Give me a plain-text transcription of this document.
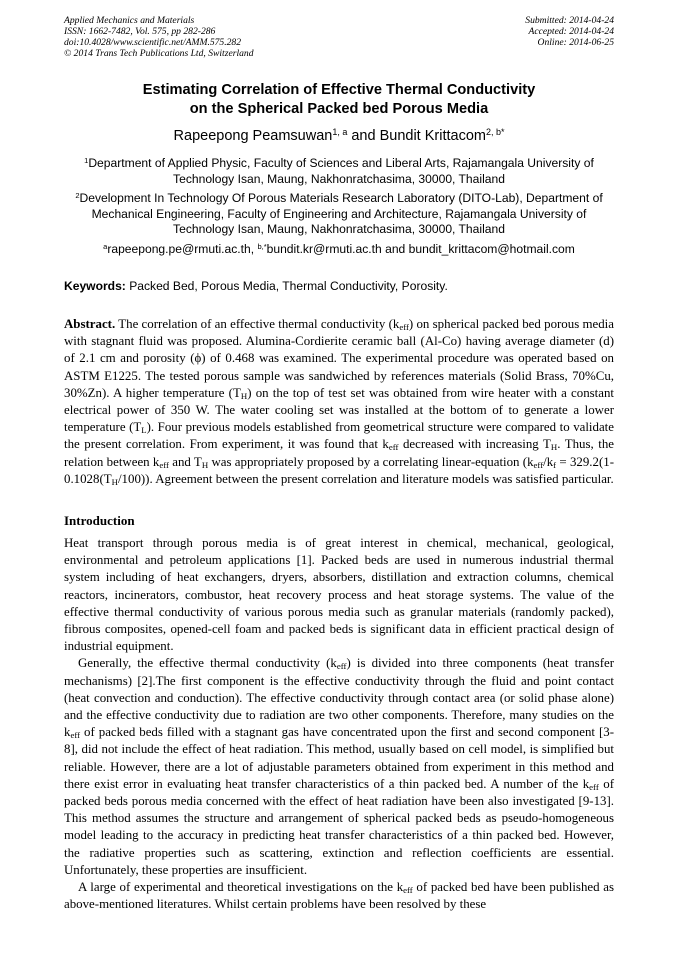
Applied Mechanics and Materials
ISSN: 1662-7482, Vol. 575, pp 282-286
doi:10.4028/www.scientific.net/AMM.575.282
© 2014 Trans Tech Publications Ltd, Switzerland
Submitted: 2014-04-24
Accepted: 2014-04-24
Online: 2014-06-25
Estimating Correlation of Effective Thermal Conductivity
on the Spherical Packed bed Porous Media
Rapeepong Peamsuwan$^{1, a}$ and Bundit Krittacom$^{2, b*}$
$^1$Department of Applied Physic, Faculty of Sciences and Liberal Arts, Rajamangala University of Technology Isan, Maung, Nakhonratchasima, 30000, Thailand
$^2$Development In Technology Of Porous Materials Research Laboratory (DITO-Lab), Department of Mechanical Engineering, Faculty of Engineering and Architecture, Rajamangala University of Technology Isan, Maung, Nakhonratchasima, 30000, Thailand
$^a$rapeepong.pe@rmuti.ac.th, $^{b,*}$bundit.kr@rmuti.ac.th and bundit_krittacom@hotmail.com
Keywords: Packed Bed, Porous Media, Thermal Conductivity, Porosity.
Abstract. The correlation of an effective thermal conductivity $(k_{eff})$ on spherical packed bed porous media with stagnant fluid was proposed. Alumina-Cordierite ceramic ball (Al-Co) having average diameter (d) of 2.1 cm and porosity (ϕ) of 0.468 was examined. The experimental procedure was operated based on ASTM E1225. The tested porous sample was sandwiched by references materials (Solid Brass, 70%Cu, 30%Zn). A higher temperature $(T_H)$ on the top of test set was obtained from wire heater with a constant electrical power of 350 W. The water cooling set was installed at the bottom of to generate a lower temperature $(T_L)$. Four previous models established from geometrical structure were compared to validate the present correlation. From experiment, it was found that $k_{eff}$ decreased with increasing $T_H$. Thus, the relation between $k_{eff}$ and $T_H$ was appropriately proposed by a correlating linear-equation ($k_{eff}/k_f = 329.2(1-0.1028(T_H/100))$. Agreement between the present correlation and literature models was satisfied particular.
Introduction

Heat transport through porous media is of great interest in chemical, mechanical, geological, environmental and petroleum applications [1]. Packed beds are used in numerous industrial thermal system including of heat exchangers, dryers, absorbers, distillation and extraction columns, chemical reactors, incinerators, combustor, heat recovery process and heat storage systems. The value of the effective thermal conductivity of various porous media such as granular materials (randomly packed), fibrous composites, opened-cell foam and packed beds is significant data in efficient practical design of industrial equipment.

Generally, the effective thermal conductivity $(k_{eff})$ is divided into three components (heat transfer mechanisms) [2].The first component is the effective conductivity through the fluid and point contact (heat convection and conduction). The effective conductivity through contact area (or solid phase alone) and the effective conductivity due to radiation are two other components. Therefore, many studies on the $k_{eff}$ of packed beds filled with a stagnant gas have concentrated upon the first and second component [3-8], did not include the effect of heat radiation. This method, usually based on cell model, is simplified but reliable. However, there are a lot of adjustable parameters obtained from experiment in this method and there exist error in evaluating heat transfer characteristics of a thin packed bed. A number of the $k_{eff}$ of packed beds porous media concerned with the effect of heat radiation have been also investigated [9-13]. This method assumes the structure and arrangement of spherical packed beds as pseudo-homogeneous model leading to the accuracy in predicting heat transfer characteristics of a thin packed bed. However, the radiative properties such as scattering, extinction and reflection coefficients are essential. Unfortunately, these properties are insufficient.

A large of experimental and theoretical investigations on the $k_{eff}$ of packed bed have been published as above-mentioned literatures. Whilst certain problems have been resolved by these
